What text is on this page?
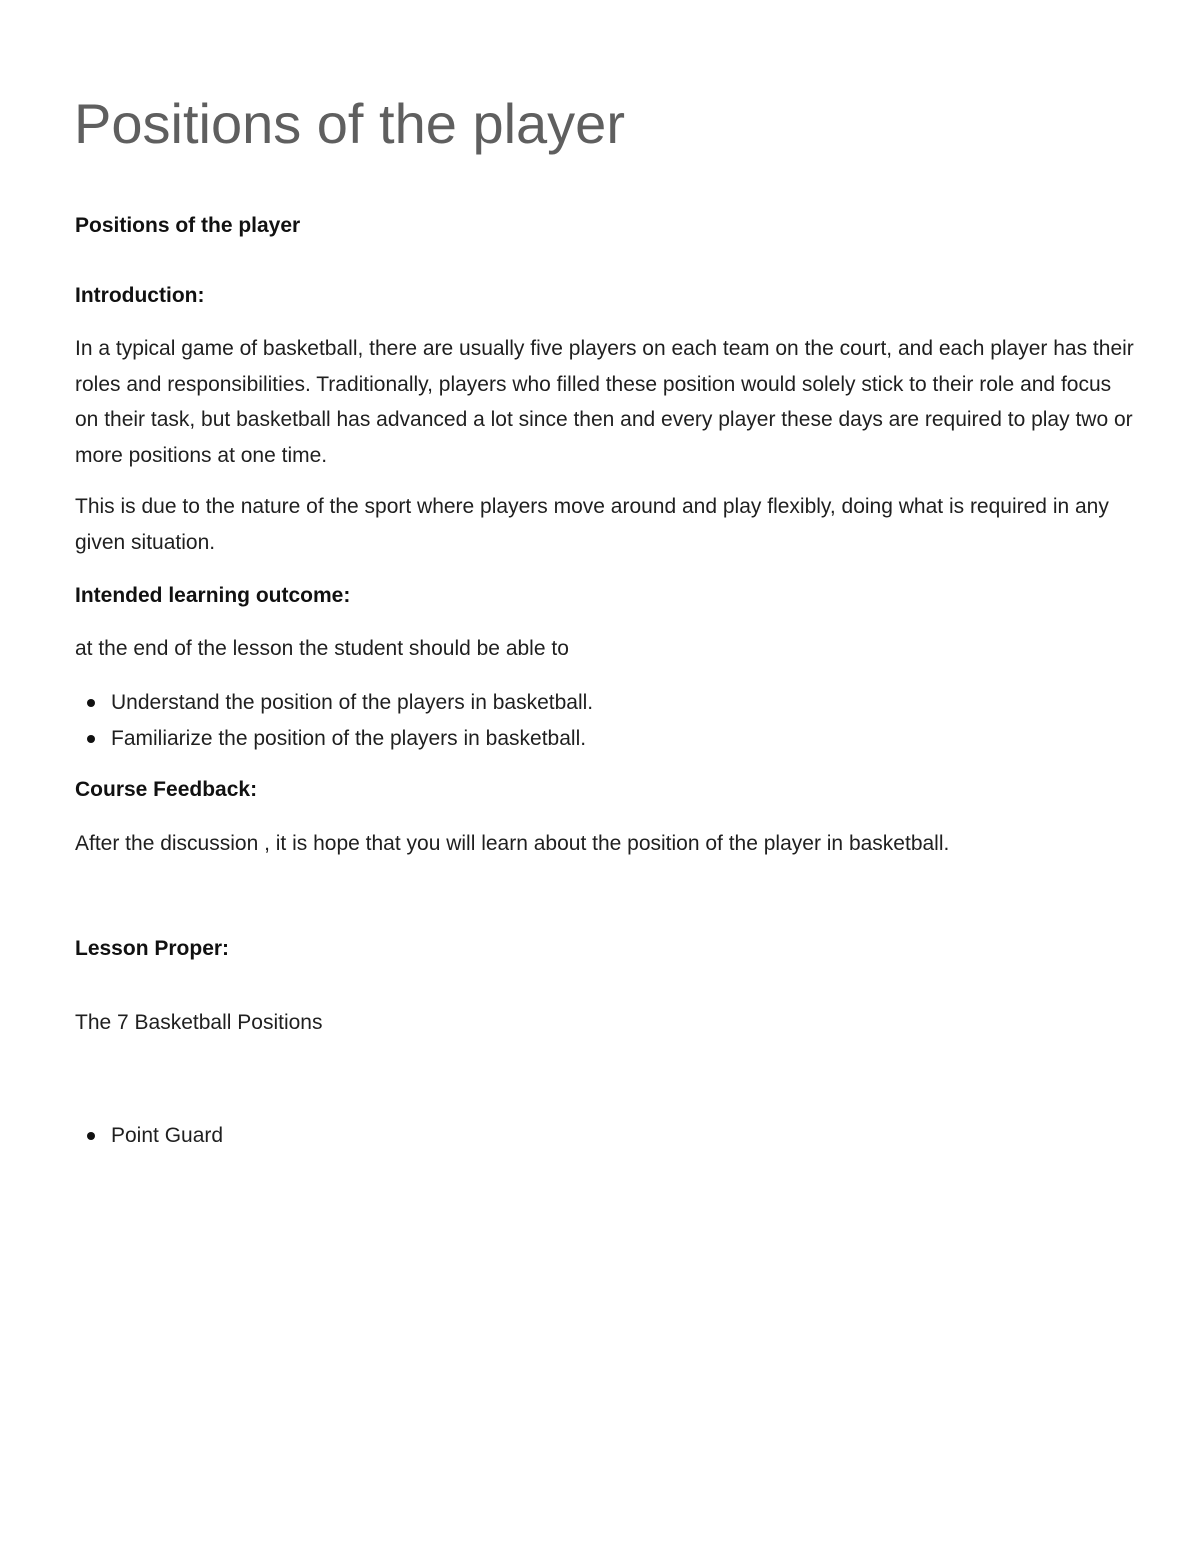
Positions of the player
Positions of the player
Introduction:

In a typical game of basketball, there are usually five players on each team on the court, and each player has their roles and responsibilities. Traditionally, players who filled these position would solely stick to their role and focus on their task, but basketball has advanced a lot since then and every player these days are required to play two or more positions at one time.

This is due to the nature of the sport where players move around and play flexibly, doing what is required in any given situation.

Intended learning outcome:

at the end of the lesson the student should be able to

Understand the position of the players in basketball.
Familiarize the position of the players in basketball.
Course Feedback:

After the discussion , it is hope that you will learn about the position of the player in basketball.

Lesson Proper:

The 7 Basketball Positions

Point Guard
